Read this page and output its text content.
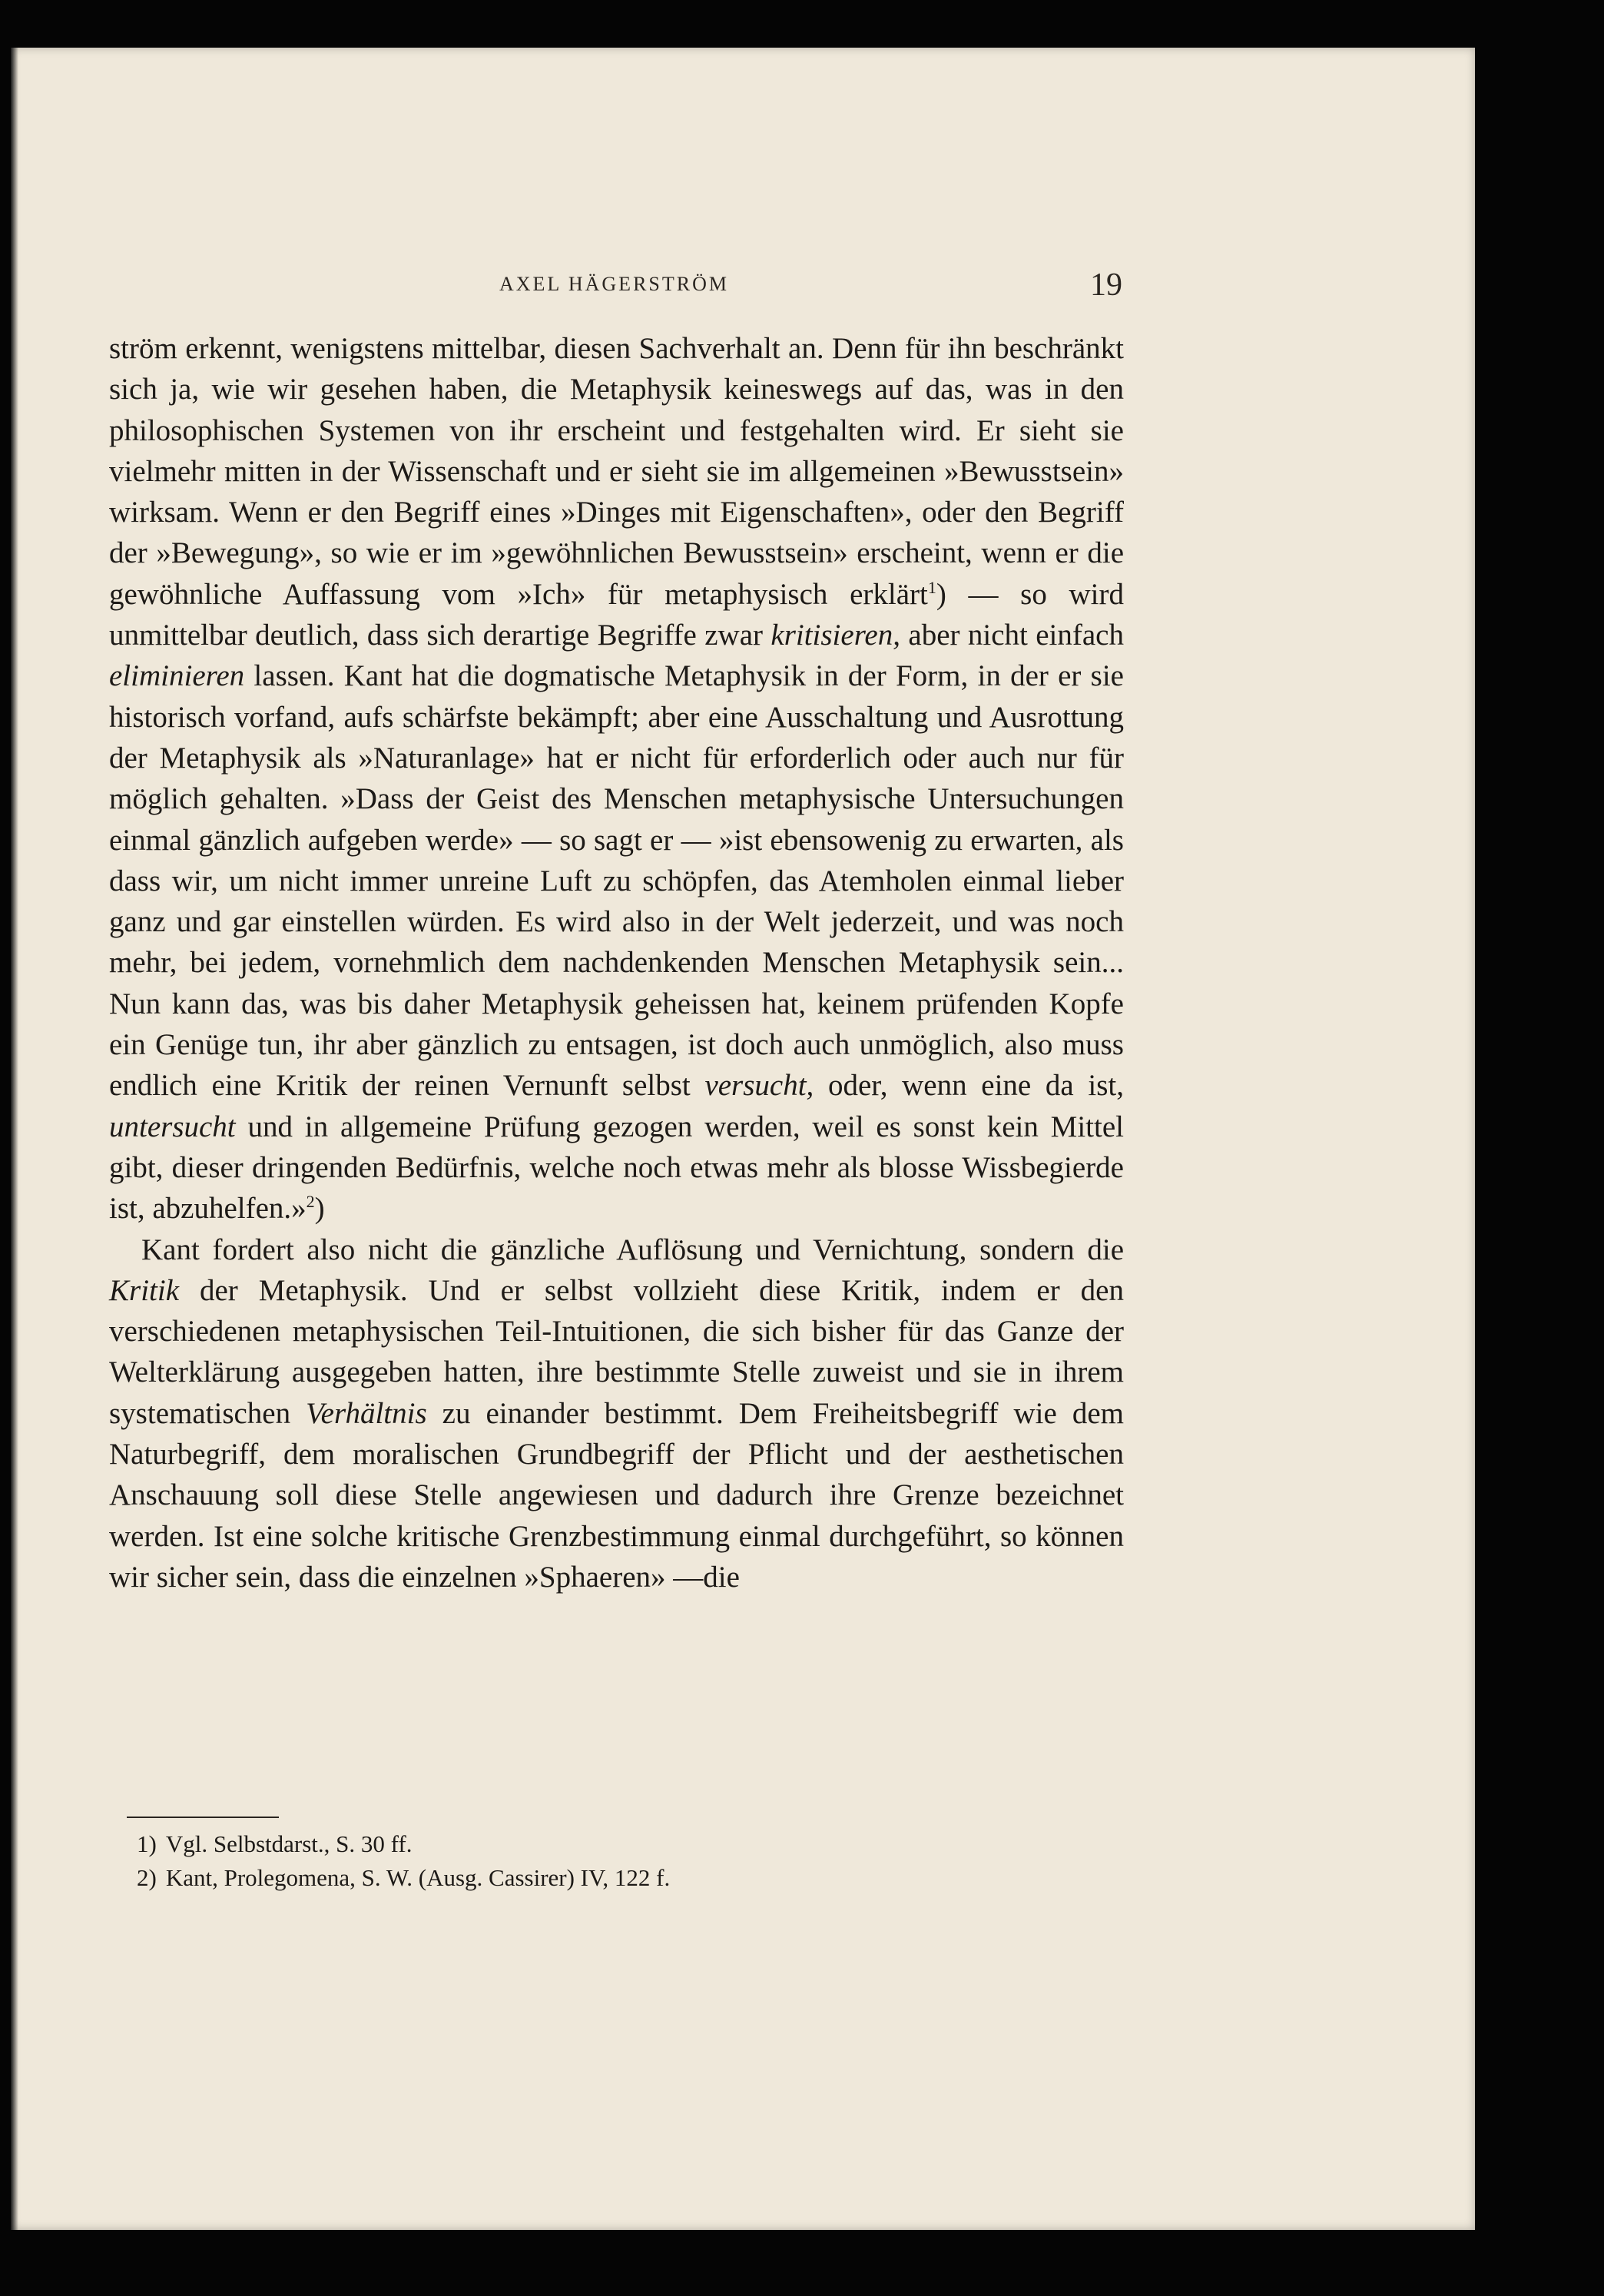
AXEL HÄGERSTRÖM	19

ström erkennt, wenigstens mittelbar, diesen Sachverhalt an. Denn für ihn beschränkt sich ja, wie wir gesehen haben, die Metaphysik keineswegs auf das, was in den philosophischen Systemen von ihr erscheint und festgehalten wird. Er sieht sie vielmehr mitten in der Wissenschaft und er sieht sie im allgemeinen »Bewusstsein» wirksam. Wenn er den Begriff eines »Dinges mit Eigenschaften», oder den Begriff der »Bewegung», so wie er im »gewöhnlichen Bewusstsein» erscheint, wenn er die gewöhnliche Auffassung vom »Ich» für metaphysisch erklärt$^1$) — so wird unmittelbar deutlich, dass sich derartige Begriffe zwar kritisieren, aber nicht einfach eliminieren lassen. Kant hat die dogmatische Metaphysik in der Form, in der er sie historisch vorfand, aufs schärfste bekämpft; aber eine Ausschaltung und Ausrottung der Metaphysik als »Naturanlage» hat er nicht für erforderlich oder auch nur für möglich gehalten. »Dass der Geist des Menschen metaphysische Untersuchungen einmal gänzlich aufgeben werde» — so sagt er — »ist ebensowenig zu erwarten, als dass wir, um nicht immer unreine Luft zu schöpfen, das Atemholen einmal lieber ganz und gar einstellen würden. Es wird also in der Welt jederzeit, und was noch mehr, bei jedem, vornehmlich dem nachdenkenden Menschen Metaphysik sein... Nun kann das, was bis daher Metaphysik geheissen hat, keinem prüfenden Kopfe ein Genüge tun, ihr aber gänzlich zu entsagen, ist doch auch unmöglich, also muss endlich eine Kritik der reinen Vernunft selbst versucht, oder, wenn eine da ist, untersucht und in allgemeine Prüfung gezogen werden, weil es sonst kein Mittel gibt, dieser dringenden Bedürfnis, welche noch etwas mehr als blosse Wissbegierde ist, abzuhelfen.»$^2$)

Kant fordert also nicht die gänzliche Auflösung und Vernichtung, sondern die Kritik der Metaphysik. Und er selbst vollzieht diese Kritik, indem er den verschiedenen metaphysischen Teil-Intuitionen, die sich bisher für das Ganze der Welterklärung ausgegeben hatten, ihre bestimmte Stelle zuweist und sie in ihrem systematischen Verhältnis zu einander bestimmt. Dem Freiheitsbegriff wie dem Naturbegriff, dem moralischen Grundbegriff der Pflicht und der aesthetischen Anschauung soll diese Stelle angewiesen und dadurch ihre Grenze bezeichnet werden. Ist eine solche kritische Grenzbestimmung einmal durchgeführt, so können wir sicher sein, dass die einzelnen »Sphaeren» —die

1) Vgl. Selbstdarst., S. 30 ff.
2) Kant, Prolegomena, S. W. (Ausg. Cassirer) IV, 122 f.
